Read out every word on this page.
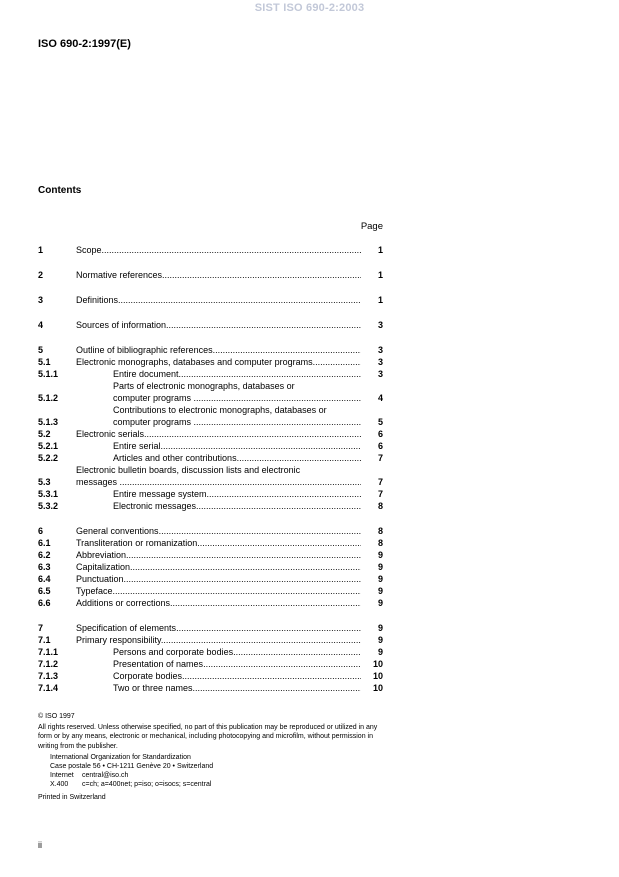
SIST ISO 690-2:2003
ISO 690-2:1997(E)
Contents
Page
1	Scope .....	1
2	Normative references .....	1
3	Definitions .....	1
4	Sources of information .....	3
5	Outline of bibliographic references .....	3
5.1	Electronic monographs, databases and computer programs .....	3
5.1.1	Entire document .....	3
5.1.2
Parts of electronic monographs, databases or
computer programs .....	4
5.1.3
Contributions to electronic monographs, databases or
computer programs .....	5
5.2	Electronic serials .....	6
5.2.1	Entire serial .....	6
5.2.2	Articles and other contributions .....	7
5.3
Electronic bulletin boards, discussion lists and electronic
messages .....	7
5.3.1	Entire message system .....	7
5.3.2	Electronic messages .....	8
6	General conventions .....	8
6.1	Transliteration or romanization .....	8
6.2	Abbreviation .....	9
6.3	Capitalization .....	9
6.4	Punctuation .....	9
6.5	Typeface .....	9
6.6	Additions or corrections .....	9
7	Specification of elements .....	9
7.1	Primary responsibility .....	9
7.1.1	Persons and corporate bodies .....	9
7.1.2	Presentation of names .....	10
7.1.3	Corporate bodies .....	10
7.1.4	Two or three names .....	10
© ISO 1997
All rights reserved. Unless otherwise specified, no part of this publication may be reproduced or utilized in any form or by any means, electronic or mechanical, including photocopying and microfilm, without permission in writing from the publisher.
International Organization for Standardization
Case postale 56 • CH-1211 Genève 20 • Switzerland
Internet	central@iso.ch
X.400	c=ch; a=400net; p=iso; o=isocs; s=central
Printed in Switzerland
ii
